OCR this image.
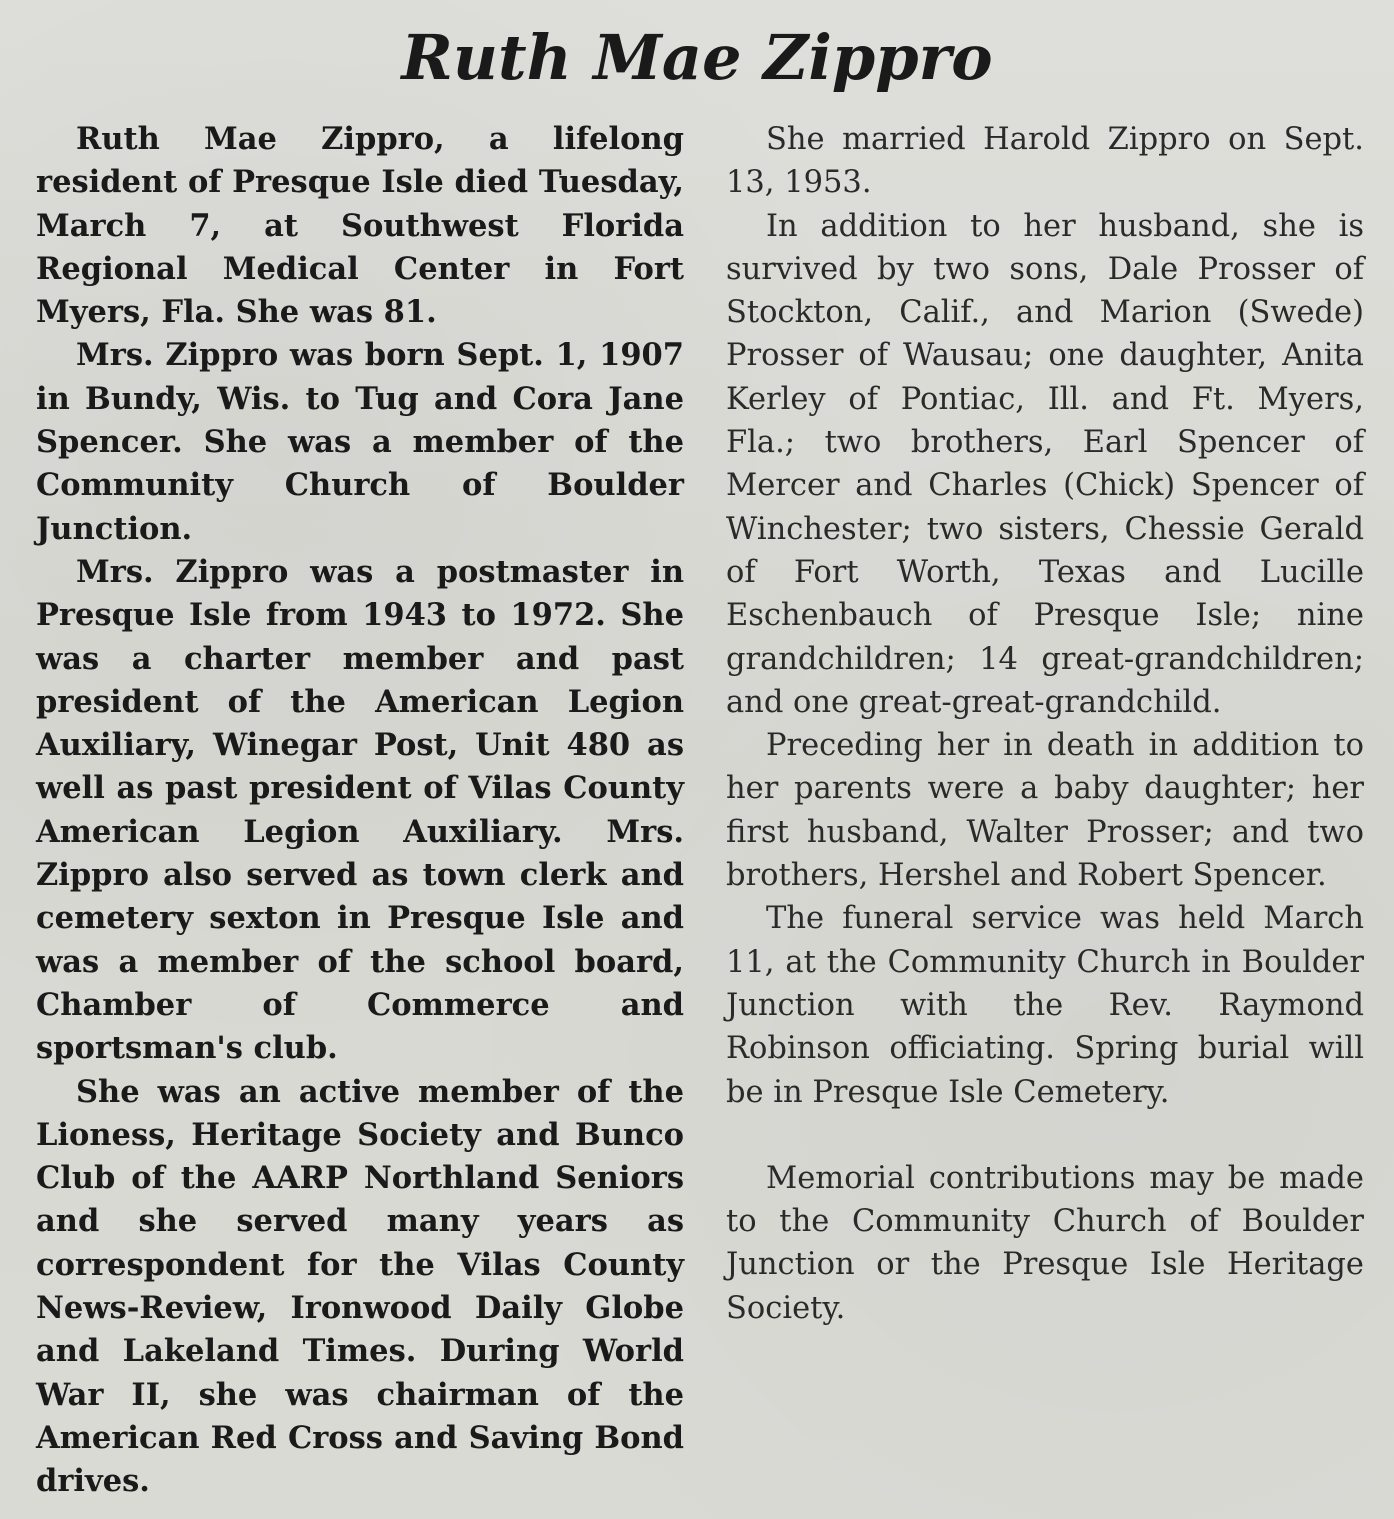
Ruth Mae Zippro

Ruth Mae Zippro, a lifelong resident of Presque Isle died Tuesday, March 7, at Southwest Florida Regional Medical Center in Fort Myers, Fla. She was 81.

Mrs. Zippro was born Sept. 1, 1907 in Bundy, Wis. to Tug and Cora Jane Spencer. She was a member of the Community Church of Boulder Junction.

Mrs. Zippro was a postmaster in Presque Isle from 1943 to 1972. She was a charter member and past president of the American Legion Auxiliary, Winegar Post, Unit 480 as well as past president of Vilas County American Legion Auxiliary. Mrs. Zippro also served as town clerk and cemetery sexton in Presque Isle and was a member of the school board, Chamber of Commerce and sportsman's club.

She was an active member of the Lioness, Heritage Society and Bunco Club of the AARP Northland Seniors and she served many years as correspondent for the Vilas County News-Review, Ironwood Daily Globe and Lakeland Times. During World War II, she was chairman of the American Red Cross and Saving Bond drives.

She married Harold Zippro on Sept. 13, 1953.

In addition to her husband, she is survived by two sons, Dale Prosser of Stockton, Calif., and Marion (Swede) Prosser of Wausau; one daughter, Anita Kerley of Pontiac, Ill. and Ft. Myers, Fla.; two brothers, Earl Spencer of Mercer and Charles (Chick) Spencer of Winchester; two sisters, Chessie Gerald of Fort Worth, Texas and Lucille Eschenbauch of Presque Isle; nine grandchildren; 14 great-grandchildren; and one great-great-grandchild.

Preceding her in death in addition to her parents were a baby daughter; her first husband, Walter Prosser; and two brothers, Hershel and Robert Spencer.

The funeral service was held March 11, at the Community Church in Boulder Junction with the Rev. Raymond Robinson officiating. Spring burial will be in Presque Isle Cemetery.

Memorial contributions may be made to the Community Church of Boulder Junction or the Presque Isle Heritage Society.
